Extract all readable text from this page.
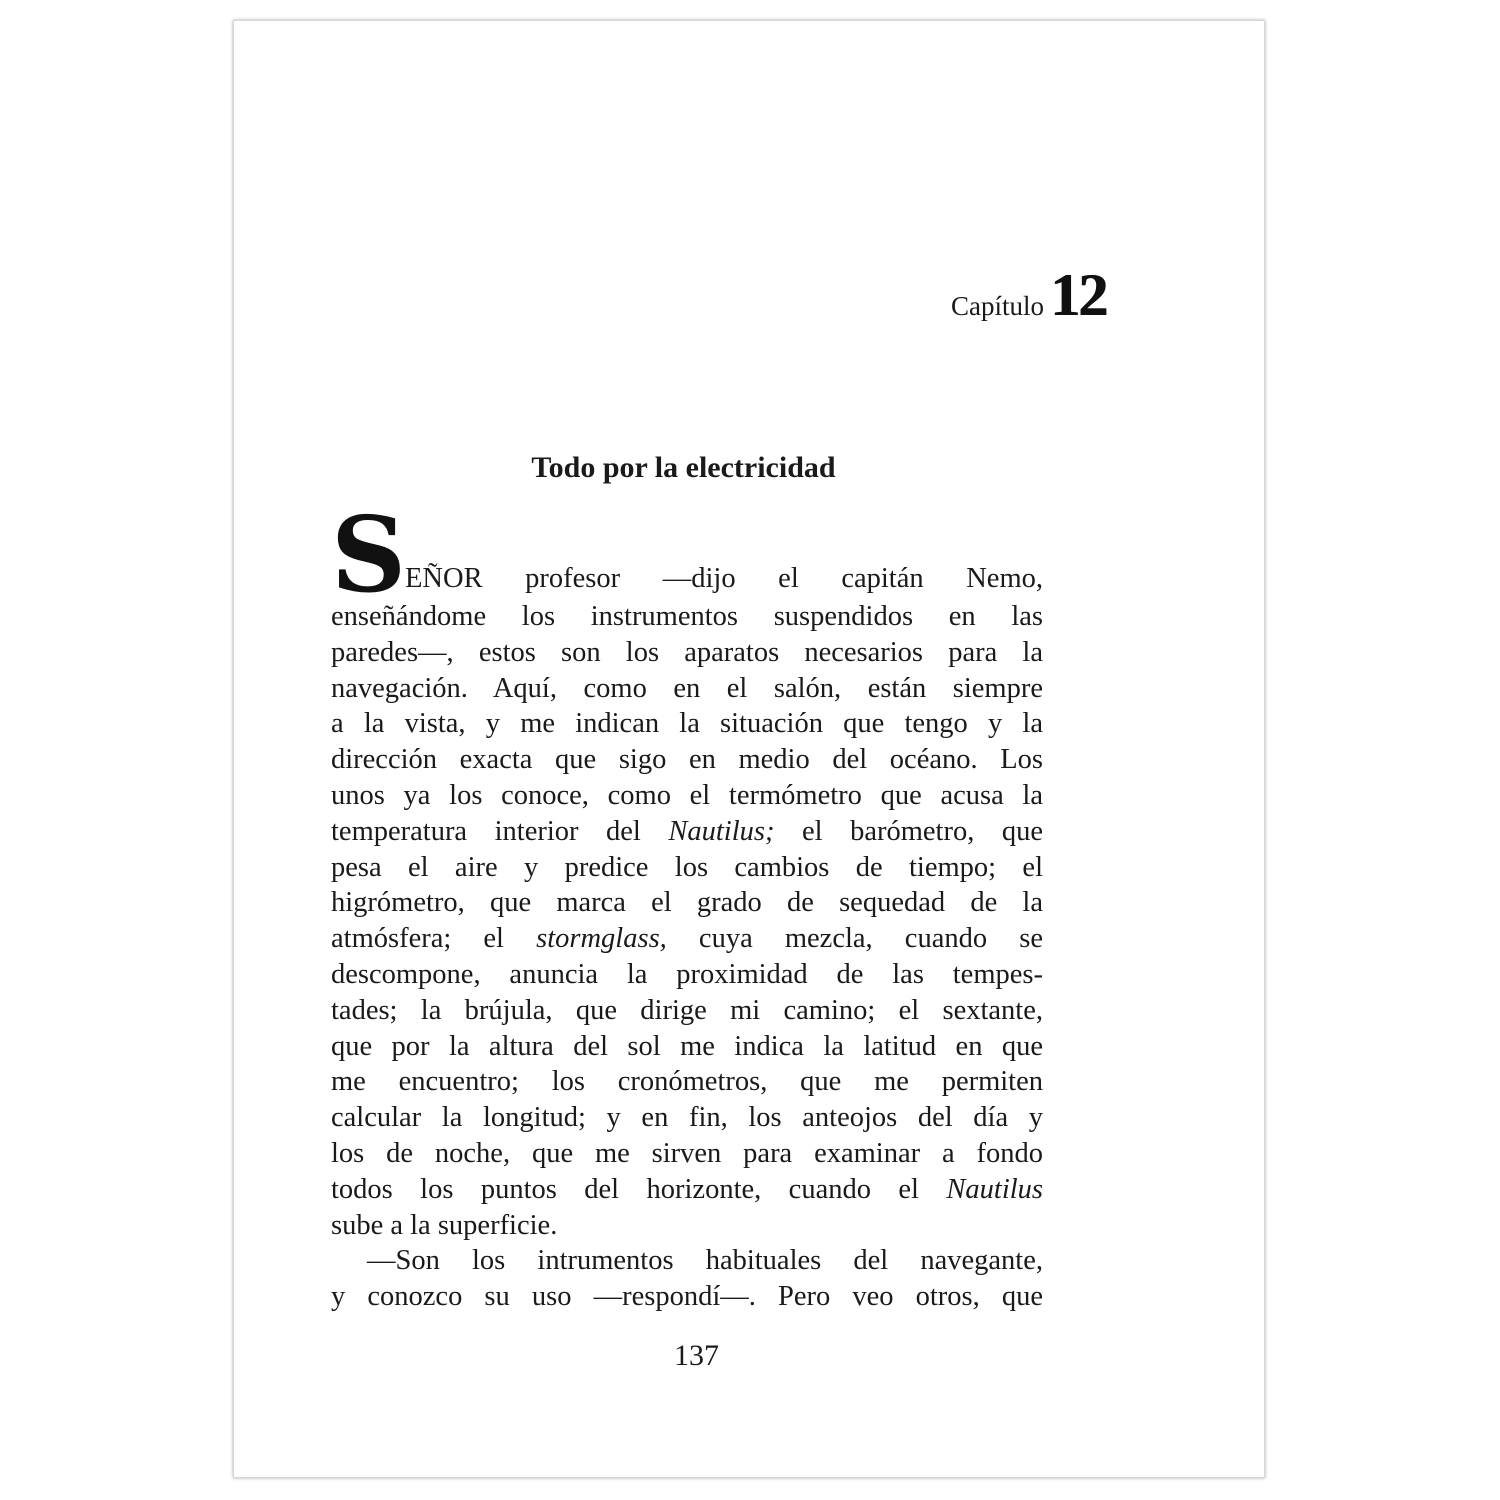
Capítulo 12
Todo por la electricidad

S
EÑOR profesor —dijo el capitán Nemo,
enseñándome los instrumentos suspendidos en las
paredes—, estos son los aparatos necesarios para la
navegación. Aquí, como en el salón, están siempre
a la vista, y me indican la situación que tengo y la
dirección exacta que sigo en medio del océano. Los
unos ya los conoce, como el termómetro que acusa la
temperatura interior del Nautilus; el barómetro, que
pesa el aire y predice los cambios de tiempo; el
higrómetro, que marca el grado de sequedad de la
atmósfera; el stormglass, cuya mezcla, cuando se
descompone, anuncia la proximidad de las tempes-
tades; la brújula, que dirige mi camino; el sextante,
que por la altura del sol me indica la latitud en que
me encuentro; los cronómetros, que me permiten
calcular la longitud; y en fin, los anteojos del día y
los de noche, que me sirven para examinar a fondo
todos los puntos del horizonte, cuando el Nautilus
sube a la superficie.

—Son los intrumentos habituales del navegante,
y conozco su uso —respondí—. Pero veo otros, que

137
